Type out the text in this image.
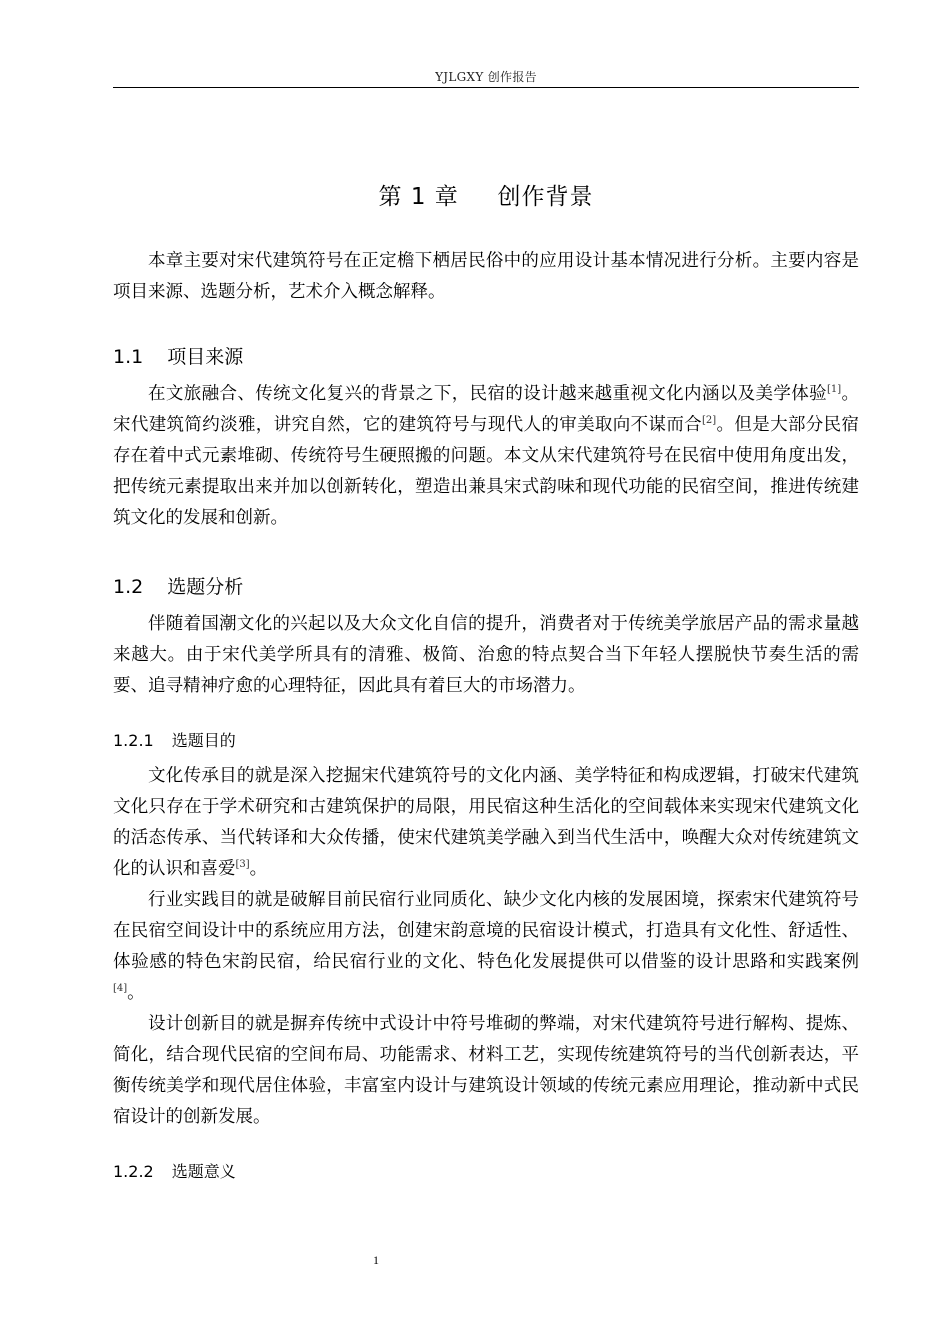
YJLGXY 创作报告
第 1 章 创作背景

本章主要对宋代建筑符号在正定檐下栖居民俗中的应用设计基本情况进行分析。主要内容是项目来源、选题分析，艺术介入概念解释。

1.1 项目来源

在文旅融合、传统文化复兴的背景之下，民宿的设计越来越重视文化内涵以及美学体验[1]。宋代建筑简约淡雅，讲究自然，它的建筑符号与现代人的审美取向不谋而合[2]。但是大部分民宿存在着中式元素堆砌、传统符号生硬照搬的问题。本文从宋代建筑符号在民宿中使用角度出发，把传统元素提取出来并加以创新转化，塑造出兼具宋式韵味和现代功能的民宿空间，推进传统建筑文化的发展和创新。

1.2 选题分析

伴随着国潮文化的兴起以及大众文化自信的提升，消费者对于传统美学旅居产品的需求量越来越大。由于宋代美学所具有的清雅、极简、治愈的特点契合当下年轻人摆脱快节奏生活的需要、追寻精神疗愈的心理特征，因此具有着巨大的市场潜力。

1.2.1 选题目的

文化传承目的就是深入挖掘宋代建筑符号的文化内涵、美学特征和构成逻辑，打破宋代建筑文化只存在于学术研究和古建筑保护的局限，用民宿这种生活化的空间载体来实现宋代建筑文化的活态传承、当代转译和大众传播，使宋代建筑美学融入到当代生活中，唤醒大众对传统建筑文化的认识和喜爱[3]。

行业实践目的就是破解目前民宿行业同质化、缺少文化内核的发展困境，探索宋代建筑符号在民宿空间设计中的系统应用方法，创建宋韵意境的民宿设计模式，打造具有文化性、舒适性、体验感的特色宋韵民宿，给民宿行业的文化、特色化发展提供可以借鉴的设计思路和实践案例[4]。

设计创新目的就是摒弃传统中式设计中符号堆砌的弊端，对宋代建筑符号进行解构、提炼、简化，结合现代民宿的空间布局、功能需求、材料工艺，实现传统建筑符号的当代创新表达，平衡传统美学和现代居住体验，丰富室内设计与建筑设计领域的传统元素应用理论，推动新中式民宿设计的创新发展。

1.2.2 选题意义
1
